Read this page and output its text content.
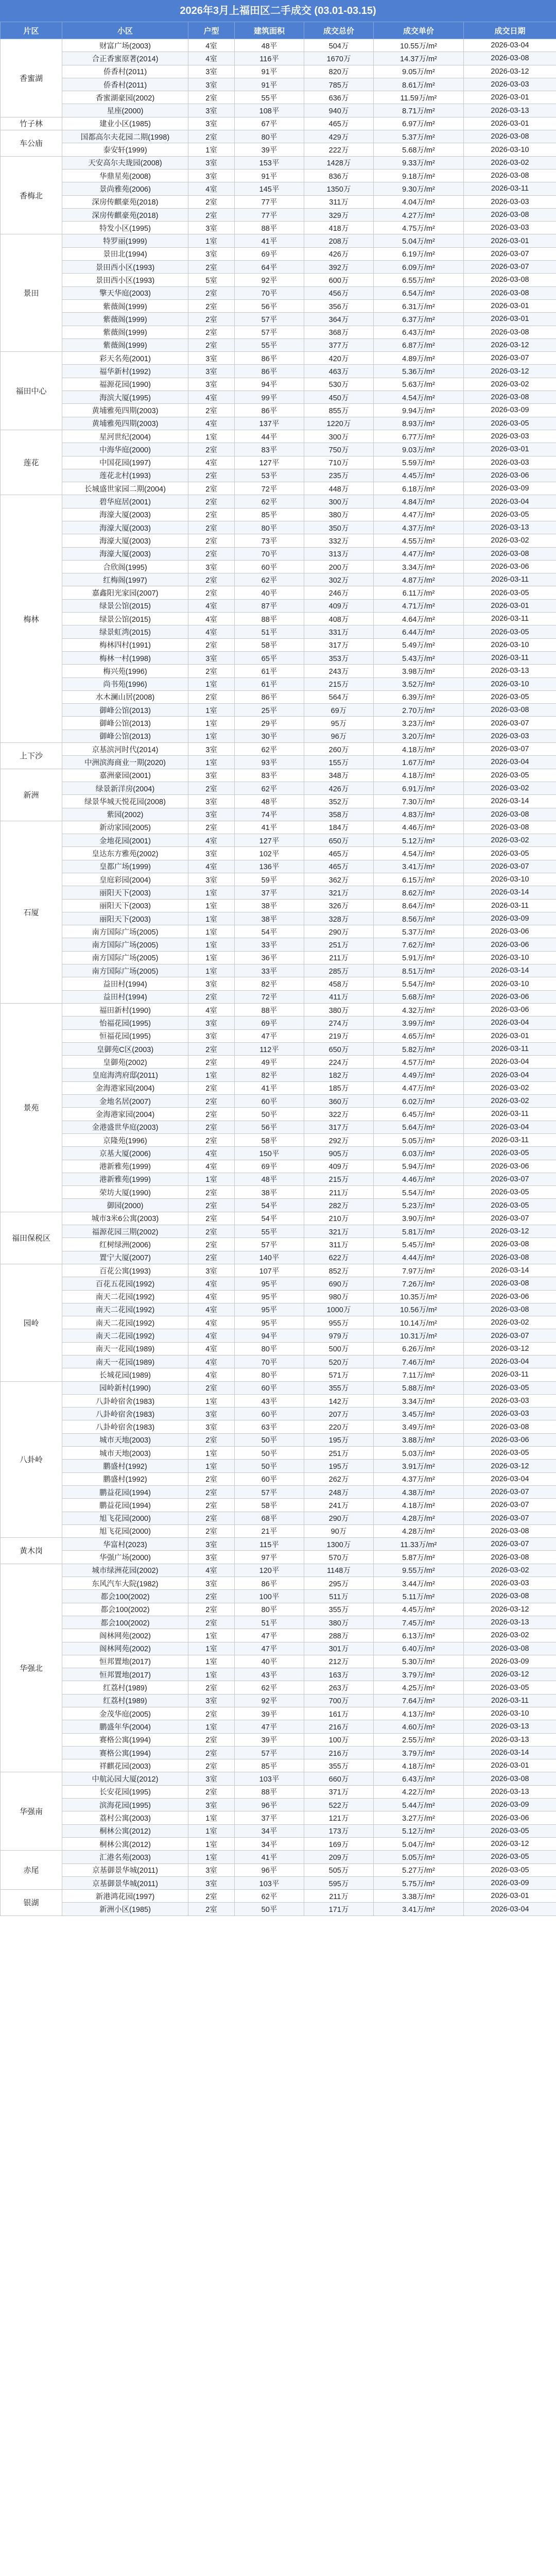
2026年3月上福田区二手成交 (03.01-03.15)
片区	小区	户型	建筑面积	成交总价	成交单价	成交日期
香蜜湖	财富广场(2003)	4室	48平	504万	10.55万/m²	2026-03-04
	合正香蜜原著(2014)	4室	116平	1670万	14.37万/m²	2026-03-08
	侨香村(2011)	3室	91平	820万	9.05万/m²	2026-03-12
	侨香村(2011)	3室	91平	785万	8.61万/m²	2026-03-03
	香蜜湖豪园(2002)	2室	55平	636万	11.59万/m²	2026-03-01
	星座(2000)	3室	108平	940万	8.71万/m²	2026-03-13
竹子林	建业小区(1985)	3室	67平	465万	6.97万/m²	2026-03-01
车公庙	国都高尔夫花园二期(1998)	2室	80平	429万	5.37万/m²	2026-03-08
	泰安轩(1999)	1室	39平	222万	5.68万/m²	2026-03-10
香梅北	天安高尔夫珑园(2008)	3室	153平	1428万	9.33万/m²	2026-03-02
	华鼎星苑(2008)	3室	91平	836万	9.18万/m²	2026-03-08
	景尚雅苑(2006)	4室	145平	1350万	9.30万/m²	2026-03-11
	深房传麒豪苑(2018)	2室	77平	311万	4.04万/m²	2026-03-03
	深房传麒豪苑(2018)	2室	77平	329万	4.27万/m²	2026-03-08
	特发小区(1995)	3室	88平	418万	4.75万/m²	2026-03-03
景田	特罗丽(1999)	1室	41平	208万	5.04万/m²	2026-03-01
	景田北(1994)	3室	69平	426万	6.19万/m²	2026-03-07
	景田西小区(1993)	2室	64平	392万	6.09万/m²	2026-03-07
	景田西小区(1993)	5室	92平	600万	6.55万/m²	2026-03-08
	擎天华庭(2003)	2室	70平	456万	6.54万/m²	2026-03-08
	紫薇阁(1999)	2室	56平	356万	6.31万/m²	2026-03-01
	紫薇阁(1999)	2室	57平	364万	6.37万/m²	2026-03-01
	紫薇阁(1999)	2室	57平	368万	6.43万/m²	2026-03-08
	紫薇阁(1999)	2室	55平	377万	6.87万/m²	2026-03-12
福田中心	彩天名苑(2001)	3室	86平	420万	4.89万/m²	2026-03-07
	福华新村(1992)	3室	86平	463万	5.36万/m²	2026-03-12
	福源花园(1990)	3室	94平	530万	5.63万/m²	2026-03-02
	海滨大厦(1995)	4室	99平	450万	4.54万/m²	2026-03-08
	黄埔雅苑四期(2003)	2室	86平	855万	9.94万/m²	2026-03-09
	黄埔雅苑四期(2003)	4室	137平	1220万	8.93万/m²	2026-03-05
莲花	星河世纪(2004)	1室	44平	300万	6.77万/m²	2026-03-03
	中海华庭(2000)	2室	83平	750万	9.03万/m²	2026-03-01
	中国花园(1997)	4室	127平	710万	5.59万/m²	2026-03-03
	莲花北村(1993)	2室	53平	235万	4.45万/m²	2026-03-06
	长城盛世家园二期(2004)	2室	72平	448万	6.18万/m²	2026-03-09
梅林	碧华庭居(2001)	2室	62平	300万	4.84万/m²	2026-03-04
	海濠大厦(2003)	2室	85平	380万	4.47万/m²	2026-03-05
	海濠大厦(2003)	2室	80平	350万	4.37万/m²	2026-03-13
	海濠大厦(2003)	2室	73平	332万	4.55万/m²	2026-03-02
	海濠大厦(2003)	2室	70平	313万	4.47万/m²	2026-03-08
	合欣阁(1995)	3室	60平	200万	3.34万/m²	2026-03-06
	红梅阁(1997)	2室	62平	302万	4.87万/m²	2026-03-11
	嘉鑫阳光家园(2007)	2室	40平	246万	6.11万/m²	2026-03-05
	绿景公馆(2015)	4室	87平	409万	4.71万/m²	2026-03-01
	绿景公馆(2015)	4室	88平	408万	4.64万/m²	2026-03-11
	绿景虹湾(2015)	4室	51平	331万	6.44万/m²	2026-03-05
	梅林四村(1991)	2室	58平	317万	5.49万/m²	2026-03-10
	梅林一村(1998)	3室	65平	353万	5.43万/m²	2026-03-11
	梅兴苑(1996)	2室	61平	243万	3.98万/m²	2026-03-13
	尚书苑(1996)	1室	61平	215万	3.52万/m²	2026-03-10
	水木澜山居(2008)	2室	86平	564万	6.39万/m²	2026-03-05
	御峰公馆(2013)	1室	25平	69万	2.70万/m²	2026-03-08
	御峰公馆(2013)	1室	29平	95万	3.23万/m²	2026-03-07
	御峰公馆(2013)	1室	30平	96万	3.20万/m²	2026-03-03
上下沙	京基滨河时代(2014)	3室	62平	260万	4.18万/m²	2026-03-07
	中洲滨海商业一期(2020)	1室	93平	155万	1.67万/m²	2026-03-04
新洲	嘉洲豪园(2001)	3室	83平	348万	4.18万/m²	2026-03-05
	绿景新洋房(2004)	2室	62平	426万	6.91万/m²	2026-03-02
	绿景华城天悦花园(2008)	3室	48平	352万	7.30万/m²	2026-03-14
	紫园(2002)	3室	74平	358万	4.83万/m²	2026-03-08
石厦	新动家园(2005)	2室	41平	184万	4.46万/m²	2026-03-08
	金地花园(2001)	4室	127平	650万	5.12万/m²	2026-03-02
	皇达东方雅苑(2002)	3室	102平	465万	4.54万/m²	2026-03-05
	皇都广场(1999)	4室	136平	465万	3.41万/m²	2026-03-07
	皇庭彩园(2004)	3室	59平	362万	6.15万/m²	2026-03-10
	丽阳天下(2003)	1室	37平	321万	8.62万/m²	2026-03-14
	丽阳天下(2003)	1室	38平	326万	8.64万/m²	2026-03-11
	丽阳天下(2003)	1室	38平	328万	8.56万/m²	2026-03-09
	南方国际广场(2005)	1室	54平	290万	5.37万/m²	2026-03-06
	南方国际广场(2005)	1室	33平	251万	7.62万/m²	2026-03-06
	南方国际广场(2005)	1室	36平	211万	5.91万/m²	2026-03-10
	南方国际广场(2005)	1室	33平	285万	8.51万/m²	2026-03-14
	益田村(1994)	3室	82平	458万	5.54万/m²	2026-03-10
	益田村(1994)	2室	72平	411万	5.68万/m²	2026-03-06
景苑	福田新村(1990)	4室	88平	380万	4.32万/m²	2026-03-06
	怡福花园(1995)	3室	69平	274万	3.99万/m²	2026-03-04
	恒福花园(1995)	3室	47平	219万	4.65万/m²	2026-03-01
	皇御苑C区(2003)	2室	112平	650万	5.82万/m²	2026-03-11
	皇御苑(2002)	2室	49平	224万	4.57万/m²	2026-03-04
	皇庭海湾府邸(2011)	1室	82平	182万	4.49万/m²	2026-03-04
	金海港家园(2004)	2室	41平	185万	4.47万/m²	2026-03-02
	金地名居(2007)	2室	60平	360万	6.02万/m²	2026-03-02
	金海港家园(2004)	2室	50平	322万	6.45万/m²	2026-03-11
	金港盛世华庭(2003)	2室	56平	317万	5.64万/m²	2026-03-04
	京隆苑(1996)	2室	58平	292万	5.05万/m²	2026-03-11
	京基大厦(2006)	4室	150平	905万	6.03万/m²	2026-03-05
	港新雅苑(1999)	4室	69平	409万	5.94万/m²	2026-03-06
	港新雅苑(1999)	1室	48平	215万	4.46万/m²	2026-03-07
	荣坊大厦(1990)	2室	38平	211万	5.54万/m²	2026-03-05
	御园(2000)	2室	54平	282万	5.23万/m²	2026-03-05
福田保税区	城市3米6公寓(2003)	2室	54平	210万	3.90万/m²	2026-03-07
	福源花园三期(2002)	2室	55平	321万	5.81万/m²	2026-03-12
	红树绿洲(2006)	2室	57平	311万	5.45万/m²	2026-03-08
	置宁大厦(2007)	2室	140平	622万	4.44万/m²	2026-03-08
园岭	百花公寓(1993)	3室	107平	852万	7.97万/m²	2026-03-14
	百花五花园(1992)	4室	95平	690万	7.26万/m²	2026-03-08
	南天二花园(1992)	4室	95平	980万	10.35万/m²	2026-03-06
	南天二花园(1992)	4室	95平	1000万	10.56万/m²	2026-03-08
	南天二花园(1992)	4室	95平	955万	10.14万/m²	2026-03-02
	南天二花园(1992)	4室	94平	979万	10.31万/m²	2026-03-07
	南天一花园(1989)	4室	80平	500万	6.26万/m²	2026-03-12
	南天一花园(1989)	4室	70平	520万	7.46万/m²	2026-03-04
	长城花园(1989)	4室	80平	571万	7.11万/m²	2026-03-11
八卦岭	园岭新村(1990)	2室	60平	355万	5.88万/m²	2026-03-05
	八卦岭宿舍(1983)	1室	43平	142万	3.34万/m²	2026-03-03
	八卦岭宿舍(1983)	3室	60平	207万	3.45万/m²	2026-03-03
	八卦岭宿舍(1983)	3室	63平	220万	3.49万/m²	2026-03-08
	城市天地(2003)	2室	50平	195万	3.88万/m²	2026-03-06
	城市天地(2003)	1室	50平	251万	5.03万/m²	2026-03-05
	鹏盛村(1992)	1室	50平	195万	3.91万/m²	2026-03-12
	鹏盛村(1992)	2室	60平	262万	4.37万/m²	2026-03-04
	鹏益花园(1994)	2室	57平	248万	4.38万/m²	2026-03-07
	鹏益花园(1994)	2室	58平	241万	4.18万/m²	2026-03-07
	旭飞花园(2000)	2室	68平	290万	4.28万/m²	2026-03-07
	旭飞花园(2000)	2室	21平	90万	4.28万/m²	2026-03-08
黄木岗	华富村(2023)	3室	115平	1300万	11.33万/m²	2026-03-07
	华强广场(2000)	3室	97平	570万	5.87万/m²	2026-03-08
华强北	城市绿洲花园(2002)	4室	120平	1148万	9.55万/m²	2026-03-02
	东风汽车大院(1982)	3室	86平	295万	3.44万/m²	2026-03-03
	都会100(2002)	2室	100平	511万	5.11万/m²	2026-03-08
	都会100(2002)	2室	80平	355万	4.45万/m²	2026-03-12
	都会100(2002)	2室	51平	380万	7.45万/m²	2026-03-13
	阁林网苑(2002)	1室	47平	288万	6.13万/m²	2026-03-02
	阁林网苑(2002)	1室	47平	301万	6.40万/m²	2026-03-08
	恒邦置地(2017)	1室	40平	212万	5.30万/m²	2026-03-09
	恒邦置地(2017)	1室	43平	163万	3.79万/m²	2026-03-12
	红荔村(1989)	2室	62平	263万	4.25万/m²	2026-03-05
	红荔村(1989)	3室	92平	700万	7.64万/m²	2026-03-11
	金茂华庭(2005)	2室	39平	161万	4.13万/m²	2026-03-10
	鹏盛年华(2004)	1室	47平	216万	4.60万/m²	2026-03-13
	赛格公寓(1994)	2室	39平	100万	2.55万/m²	2026-03-13
	赛格公寓(1994)	2室	57平	216万	3.79万/m²	2026-03-14
	祥麒花园(2003)	2室	85平	355万	4.18万/m²	2026-03-01
华强南	中航沁园大厦(2012)	3室	103平	660万	6.43万/m²	2026-03-08
	长安花园(1995)	2室	88平	371万	4.22万/m²	2026-03-13
	滨海花园(1995)	3室	96平	522万	5.44万/m²	2026-03-09
	荔村公寓(2003)	1室	37平	121万	3.27万/m²	2026-03-06
	桐林公寓(2012)	1室	34平	173万	5.12万/m²	2026-03-05
	桐林公寓(2012)	1室	34平	169万	5.04万/m²	2026-03-12
赤尾	汇港名苑(2003)	1室	41平	209万	5.05万/m²	2026-03-05
	京基御景华城(2011)	3室	96平	505万	5.27万/m²	2026-03-05
	京基御景华城(2011)	3室	103平	595万	5.75万/m²	2026-03-09
银湖	新港鸿花园(1997)	2室	62平	211万	3.38万/m²	2026-03-01
	新洲小区(1985)	2室	50平	171万	3.41万/m²	2026-03-04
